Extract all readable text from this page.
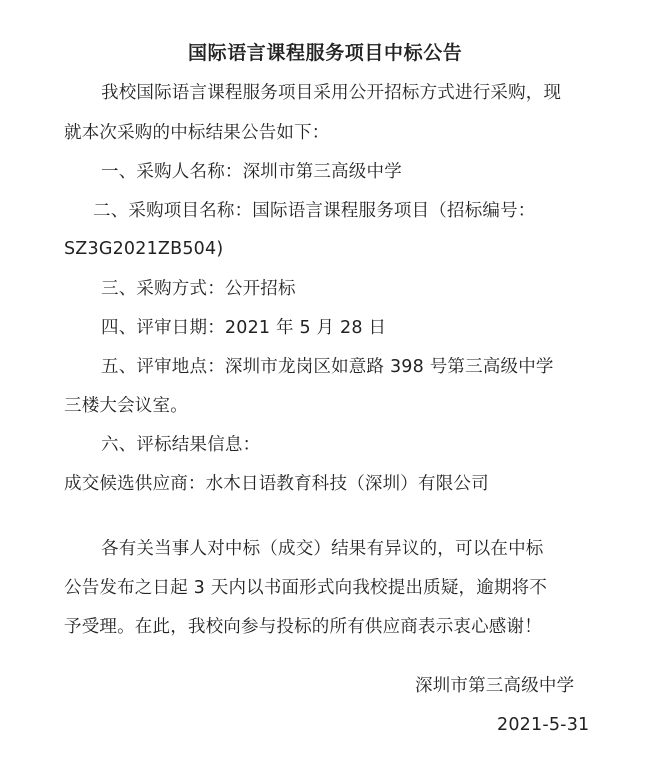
国际语言课程服务项目中标公告
我校国际语言课程服务项目采用公开招标方式进行采购，现
就本次采购的中标结果公告如下：
一、采购人名称：深圳市第三高级中学
二、采购项目名称：国际语言课程服务项目（招标编号：
SZ3G2021ZB504)
三、采购方式：公开招标
四、评审日期：2021 年 5 月 28 日
五、评审地点：深圳市龙岗区如意路 398 号第三高级中学
三楼大会议室。
六、评标结果信息：
成交候选供应商：水木日语教育科技（深圳）有限公司
各有关当事人对中标（成交）结果有异议的，可以在中标
公告发布之日起 3 天内以书面形式向我校提出质疑，逾期将不
予受理。在此，我校向参与投标的所有供应商表示衷心感谢！
深圳市第三高级中学
2021-5-31
